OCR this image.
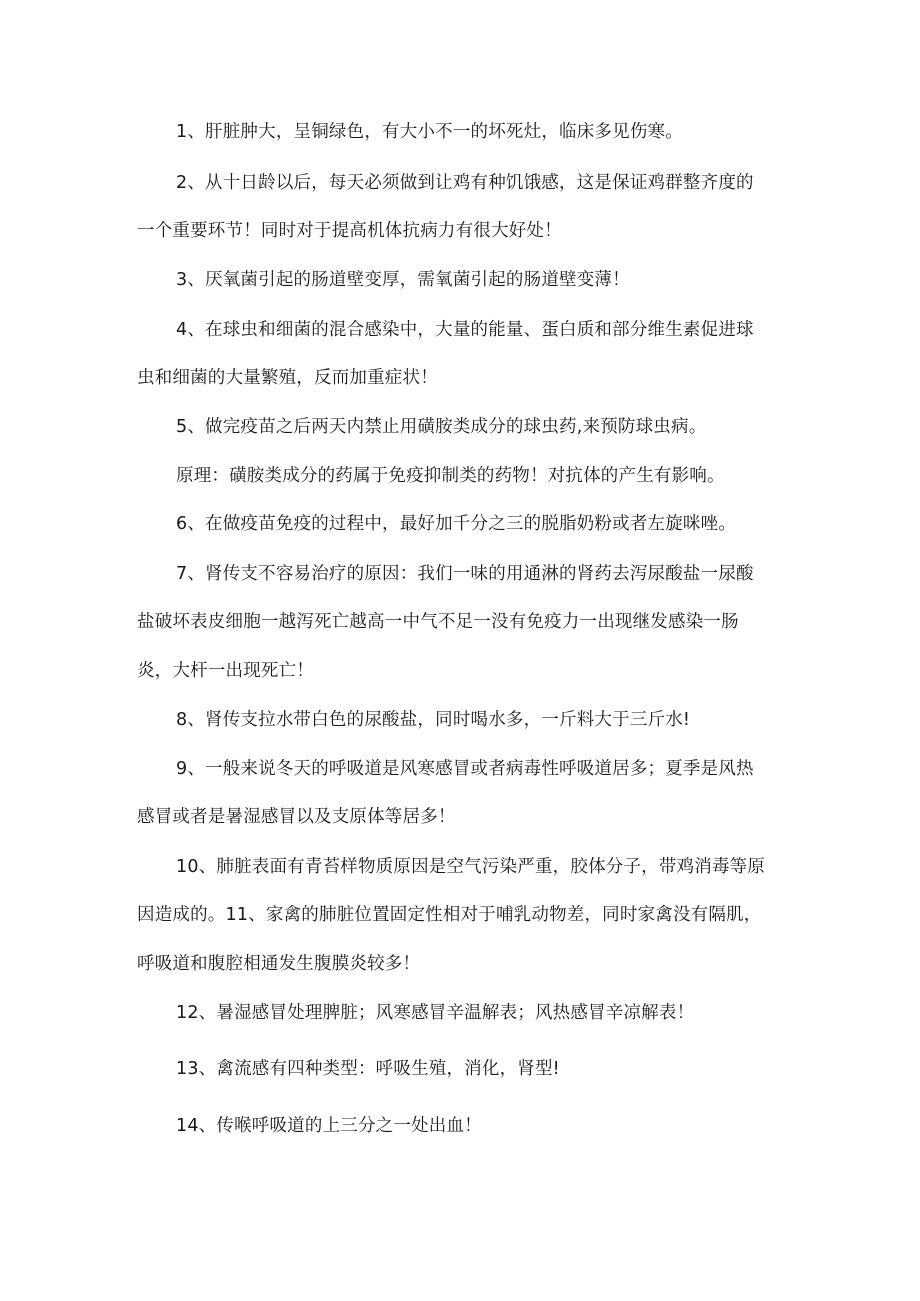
1、肝脏肿大，呈铜绿色，有大小不一的坏死灶，临床多见伤寒。
2、从十日龄以后，每天必须做到让鸡有种饥饿感，这是保证鸡群整齐度的
一个重要环节！同时对于提高机体抗病力有很大好处！
3、厌氧菌引起的肠道壁变厚，需氧菌引起的肠道壁变薄！
4、在球虫和细菌的混合感染中，大量的能量、蛋白质和部分维生素促进球
虫和细菌的大量繁殖，反而加重症状！
5、做完疫苗之后两天内禁止用磺胺类成分的球虫药,来预防球虫病。
原理：磺胺类成分的药属于免疫抑制类的药物！对抗体的产生有影响。
6、在做疫苗免疫的过程中，最好加千分之三的脱脂奶粉或者左旋咪唑。
7、肾传支不容易治疗的原因：我们一味的用通淋的肾药去泻尿酸盐一尿酸
盐破坏表皮细胞一越泻死亡越高一中气不足一没有免疫力一出现继发感染一肠
炎，大杆一出现死亡！
8、肾传支拉水带白色的尿酸盐，同时喝水多，一斤料大于三斤水!
9、一般来说冬天的呼吸道是风寒感冒或者病毒性呼吸道居多；夏季是风热
感冒或者是暑湿感冒以及支原体等居多！
10、肺脏表面有青苔样物质原因是空气污染严重，胶体分子，带鸡消毒等原
因造成的。11、家禽的肺脏位置固定性相对于哺乳动物差，同时家禽没有隔肌，
呼吸道和腹腔相通发生腹膜炎较多！
12、暑湿感冒处理脾脏；风寒感冒辛温解表；风热感冒辛凉解表！
13、禽流感有四种类型：呼吸生殖，消化，肾型!
14、传喉呼吸道的上三分之一处出血！
